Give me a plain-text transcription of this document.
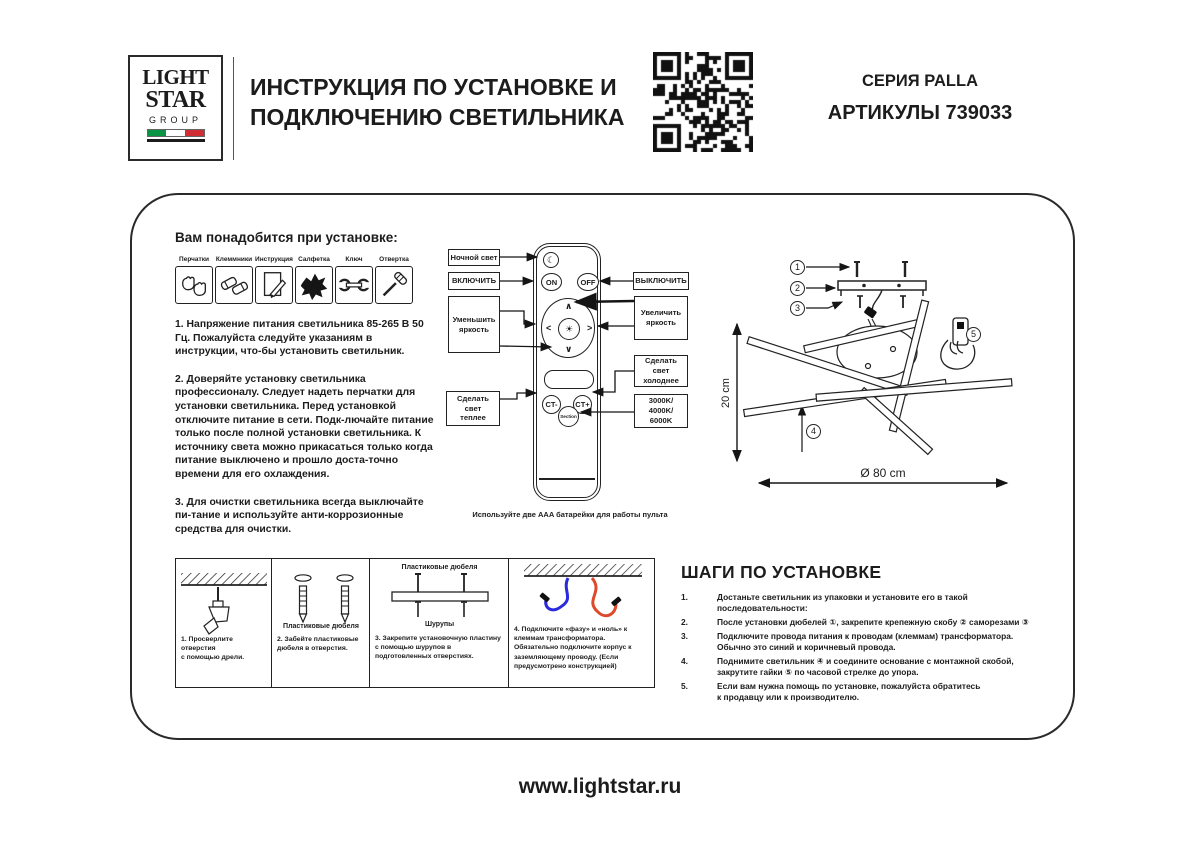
LIGHT
STAR
GROUP
ИНСТРУКЦИЯ ПО УСТАНОВКЕ И
ПОДКЛЮЧЕНИЮ СВЕТИЛЬНИКА
СЕРИЯ PALLA
АРТИКУЛЫ 739033
Вам понадобится при установке:
Перчатки	Клеммники Инструкция Салфетка	Ключ	Отвертка

1. Напряжение питания светильника 85-265 В 50 Гц. Пожалуйста следуйте указаниям в инструкции, что-бы установить светильник.

2. Доверяйте установку светильника профессионалу. Следует надеть перчатки для установки светильника. Перед установкой отключите питание в сети. Подк-лючайте питание только после полной установки светильника. К источнику света можно прикасаться только когда питание выключено и прошло доста-точно времени для его охлаждения.

3. Для очистки светильника всегда выключайте пи-тание и используйте анти-коррозионные средства для очистки.

Ночной свет
ВКЛЮЧИТЬ
Уменьшить
яркость
Сделать
свет
теплее
ВЫКЛЮЧИТЬ
Увеличить
яркость
Сделать
свет
холоднее
3000K/
4000K/
6000K
☾
ON	OFF
∧
∨
<	>
☀
CT-	CT+
Section
Используйте две AAA батарейки для работы пульта
1
2
3
4
5
1. Просверлите отверстия
с помощью дрели.
Пластиковые дюбеля
2. Забейте пластиковые
дюбеля в отверстия.
Пластиковые дюбеля
Шурупы
3. Закрепите установочную пластину с помощью шурупов в подготовленных отверстиях.
4. Подключите «фазу» и «ноль» к клеммам трансформатора. Обязательно подключите корпус к заземляющему проводу. (Если предусмотрено конструкцией)
ШАГИ ПО УСТАНОВКЕ
1.	Достаньте светильник из упаковки и установите его в такой последовательности:
2.	После установки дюбелей ①, закрепите крепежную скобу ② саморезами ③
3.	Подключите провода питания к проводам (клеммам) трансформатора.
Обычно это синий и коричневый провода.
4.	Поднимите светильник ④ и соедините основание с монтажной скобой,
закрутите гайки ⑤ по часовой стрелке до упора.
5.	Если вам нужна помощь по установке, пожалуйста обратитесь
к продавцу или к производителю.
www.lightstar.ru
20 cm
Ø 80 cm
